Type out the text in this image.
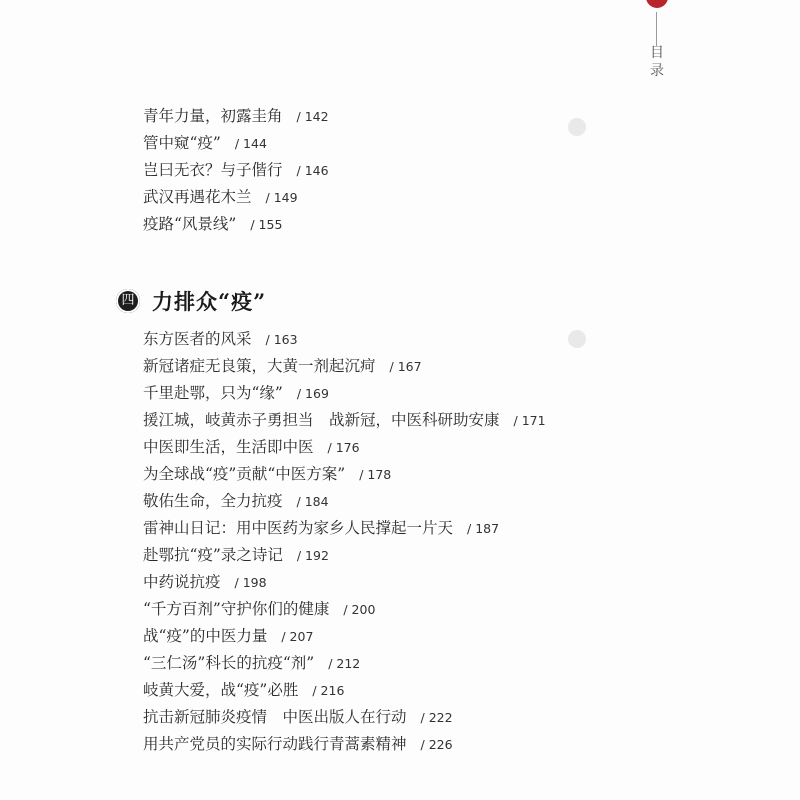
目录
青年力量，初露圭角 / 142
管中窥“疫” / 144
岂曰无衣？与子偕行 / 146
武汉再遇花木兰 / 149
疫路“风景线” / 155
四 力排众“疫”
东方医者的风采 / 163
新冠诸症无良策，大黄一剂起沉疴 / 167
千里赴鄂，只为“缘” / 169
援江城，岐黄赤子勇担当　战新冠，中医科研助安康 / 171
中医即生活，生活即中医 / 176
为全球战“疫”贡献“中医方案” / 178
敬佑生命，全力抗疫 / 184
雷神山日记：用中医药为家乡人民撑起一片天 / 187
赴鄂抗“疫”录之诗记 / 192
中药说抗疫 / 198
“千方百剂”守护你们的健康 / 200
战“疫”的中医力量 / 207
“三仁汤”科长的抗疫“剂” / 212
岐黄大爱，战“疫”必胜 / 216
抗击新冠肺炎疫情　中医出版人在行动 / 222
用共产党员的实际行动践行青蒿素精神 / 226
